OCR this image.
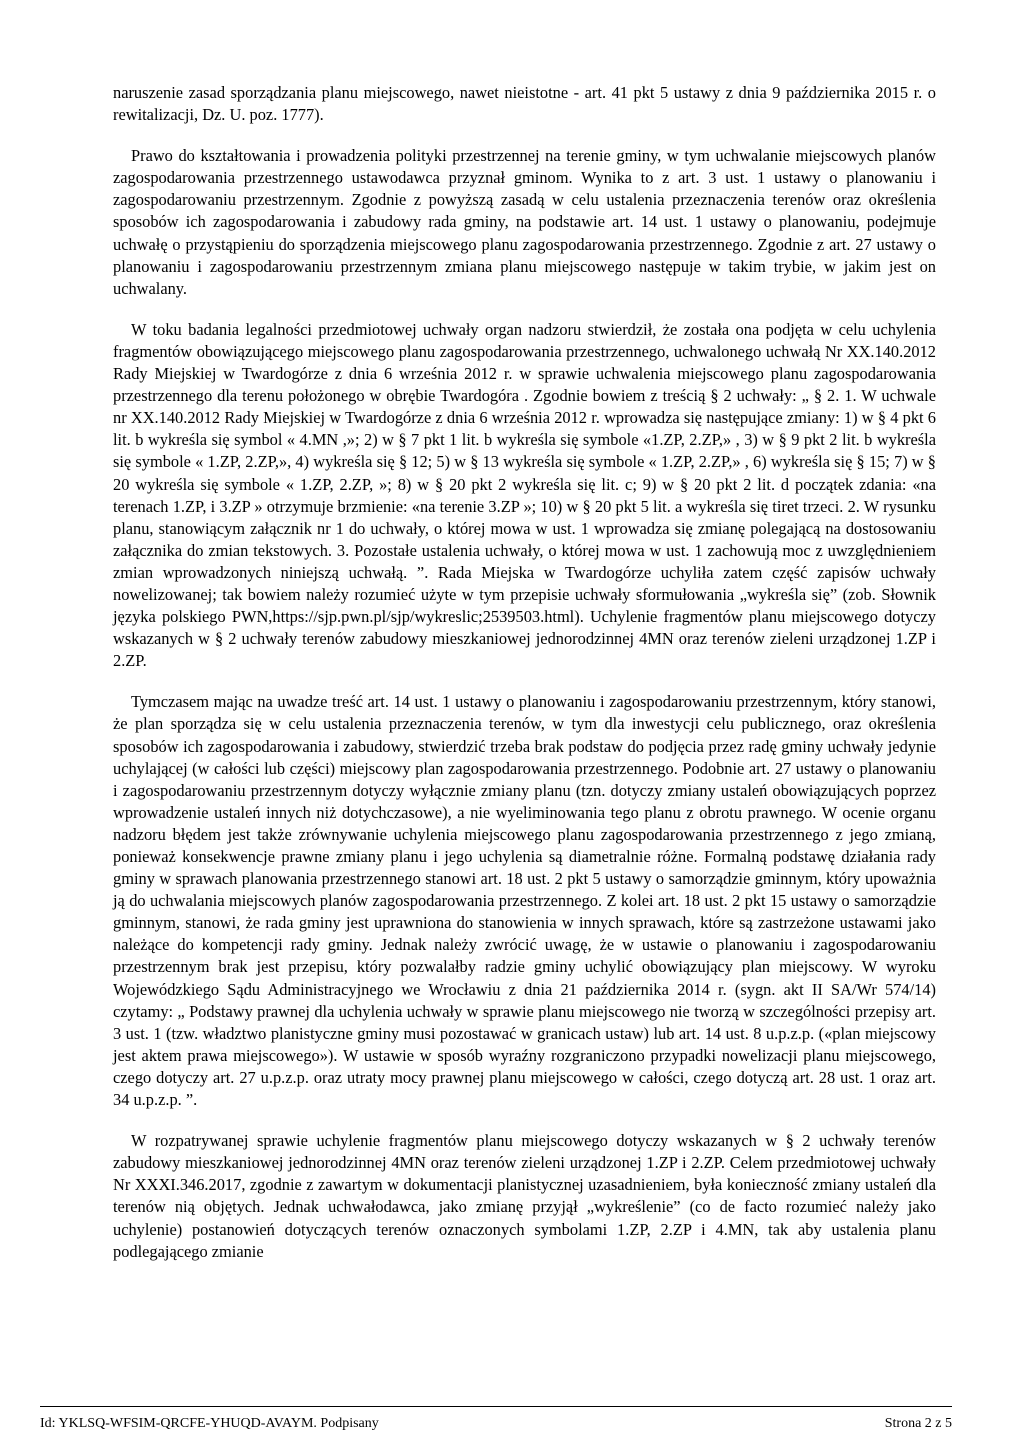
naruszenie zasad sporządzania planu miejscowego, nawet nieistotne - art. 41 pkt 5 ustawy z dnia 9 października 2015 r. o rewitalizacji, Dz. U. poz. 1777).

Prawo do kształtowania i prowadzenia polityki przestrzennej na terenie gminy, w tym uchwalanie miejscowych planów zagospodarowania przestrzennego ustawodawca przyznał gminom. Wynika to z art. 3 ust. 1 ustawy o planowaniu i zagospodarowaniu przestrzennym. Zgodnie z powyższą zasadą w celu ustalenia przeznaczenia terenów oraz określenia sposobów ich zagospodarowania i zabudowy rada gminy, na podstawie art. 14 ust. 1 ustawy o planowaniu, podejmuje uchwałę o przystąpieniu do sporządzenia miejscowego planu zagospodarowania przestrzennego. Zgodnie z art. 27 ustawy o planowaniu i zagospodarowaniu przestrzennym zmiana planu miejscowego następuje w takim trybie, w jakim jest on uchwalany.

W toku badania legalności przedmiotowej uchwały organ nadzoru stwierdził, że została ona podjęta w celu uchylenia fragmentów obowiązującego miejscowego planu zagospodarowania przestrzennego, uchwalonego uchwałą Nr XX.140.2012 Rady Miejskiej w Twardogórze z dnia 6 września 2012 r. w sprawie uchwalenia miejscowego planu zagospodarowania przestrzennego dla terenu położonego w obrębie Twardogóra . Zgodnie bowiem z treścią § 2 uchwały: „ § 2. 1. W uchwale nr XX.140.2012 Rady Miejskiej w Twardogórze z dnia 6 września 2012 r. wprowadza się następujące zmiany: 1) w § 4 pkt 6 lit. b wykreśla się symbol « 4.MN ,»; 2) w § 7 pkt 1 lit. b wykreśla się symbole «1.ZP, 2.ZP,» , 3) w § 9 pkt 2 lit. b wykreśla się symbole « 1.ZP, 2.ZP,», 4) wykreśla się § 12; 5) w § 13 wykreśla się symbole « 1.ZP, 2.ZP,» , 6) wykreśla się § 15; 7) w § 20 wykreśla się symbole « 1.ZP, 2.ZP, »; 8) w § 20 pkt 2 wykreśla się lit. c; 9) w § 20 pkt 2 lit. d początek zdania: «na terenach 1.ZP, i 3.ZP » otrzymuje brzmienie: «na terenie 3.ZP »; 10) w § 20 pkt 5 lit. a wykreśla się tiret trzeci. 2. W rysunku planu, stanowiącym załącznik nr 1 do uchwały, o której mowa w ust. 1 wprowadza się zmianę polegającą na dostosowaniu załącznika do zmian tekstowych. 3. Pozostałe ustalenia uchwały, o której mowa w ust. 1 zachowują moc z uwzględnieniem zmian wprowadzonych niniejszą uchwałą. ”. Rada Miejska w Twardogórze uchyliła zatem część zapisów uchwały nowelizowanej; tak bowiem należy rozumieć użyte w tym przepisie uchwały sformułowania „wykreśla się” (zob. Słownik języka polskiego PWN,https://sjp.pwn.pl/sjp/wykreslic;2539503.html). Uchylenie fragmentów planu miejscowego dotyczy wskazanych w § 2 uchwały terenów zabudowy mieszkaniowej jednorodzinnej 4MN oraz terenów zieleni urządzonej 1.ZP i 2.ZP.

Tymczasem mając na uwadze treść art. 14 ust. 1 ustawy o planowaniu i zagospodarowaniu przestrzennym, który stanowi, że plan sporządza się w celu ustalenia przeznaczenia terenów, w tym dla inwestycji celu publicznego, oraz określenia sposobów ich zagospodarowania i zabudowy, stwierdzić trzeba brak podstaw do podjęcia przez radę gminy uchwały jedynie uchylającej (w całości lub części) miejscowy plan zagospodarowania przestrzennego. Podobnie art. 27 ustawy o planowaniu i zagospodarowaniu przestrzennym dotyczy wyłącznie zmiany planu (tzn. dotyczy zmiany ustaleń obowiązujących poprzez wprowadzenie ustaleń innych niż dotychczasowe), a nie wyeliminowania tego planu z obrotu prawnego. W ocenie organu nadzoru błędem jest także zrównywanie uchylenia miejscowego planu zagospodarowania przestrzennego z jego zmianą, ponieważ konsekwencje prawne zmiany planu i jego uchylenia są diametralnie różne. Formalną podstawę działania rady gminy w sprawach planowania przestrzennego stanowi art. 18 ust. 2 pkt 5 ustawy o samorządzie gminnym, który upoważnia ją do uchwalania miejscowych planów zagospodarowania przestrzennego. Z kolei art. 18 ust. 2 pkt 15 ustawy o samorządzie gminnym, stanowi, że rada gminy jest uprawniona do stanowienia w innych sprawach, które są zastrzeżone ustawami jako należące do kompetencji rady gminy. Jednak należy zwrócić uwagę, że w ustawie o planowaniu i zagospodarowaniu przestrzennym brak jest przepisu, który pozwalałby radzie gminy uchylić obowiązujący plan miejscowy. W wyroku Wojewódzkiego Sądu Administracyjnego we Wrocławiu z dnia 21 października 2014 r. (sygn. akt II SA/Wr 574/14) czytamy: „ Podstawy prawnej dla uchylenia uchwały w sprawie planu miejscowego nie tworzą w szczególności przepisy art. 3 ust. 1 (tzw. władztwo planistyczne gminy musi pozostawać w granicach ustaw) lub art. 14 ust. 8 u.p.z.p. («plan miejscowy jest aktem prawa miejscowego»). W ustawie w sposób wyraźny rozgraniczono przypadki nowelizacji planu miejscowego, czego dotyczy art. 27 u.p.z.p. oraz utraty mocy prawnej planu miejscowego w całości, czego dotyczą art. 28 ust. 1 oraz art. 34 u.p.z.p. ”.

W rozpatrywanej sprawie uchylenie fragmentów planu miejscowego dotyczy wskazanych w § 2 uchwały terenów zabudowy mieszkaniowej jednorodzinnej 4MN oraz terenów zieleni urządzonej 1.ZP i 2.ZP. Celem przedmiotowej uchwały Nr XXXI.346.2017, zgodnie z zawartym w dokumentacji planistycznej uzasadnieniem, była konieczność zmiany ustaleń dla terenów nią objętych. Jednak uchwałodawca, jako zmianę przyjął „wykreślenie” (co de facto rozumieć należy jako uchylenie) postanowień dotyczących terenów oznaczonych symbolami 1.ZP, 2.ZP i 4.MN, tak aby ustalenia planu podlegającego zmianie

Id: YKLSQ-WFSIM-QRCFE-YHUQD-AVAYM. Podpisany	Strona 2 z 5
